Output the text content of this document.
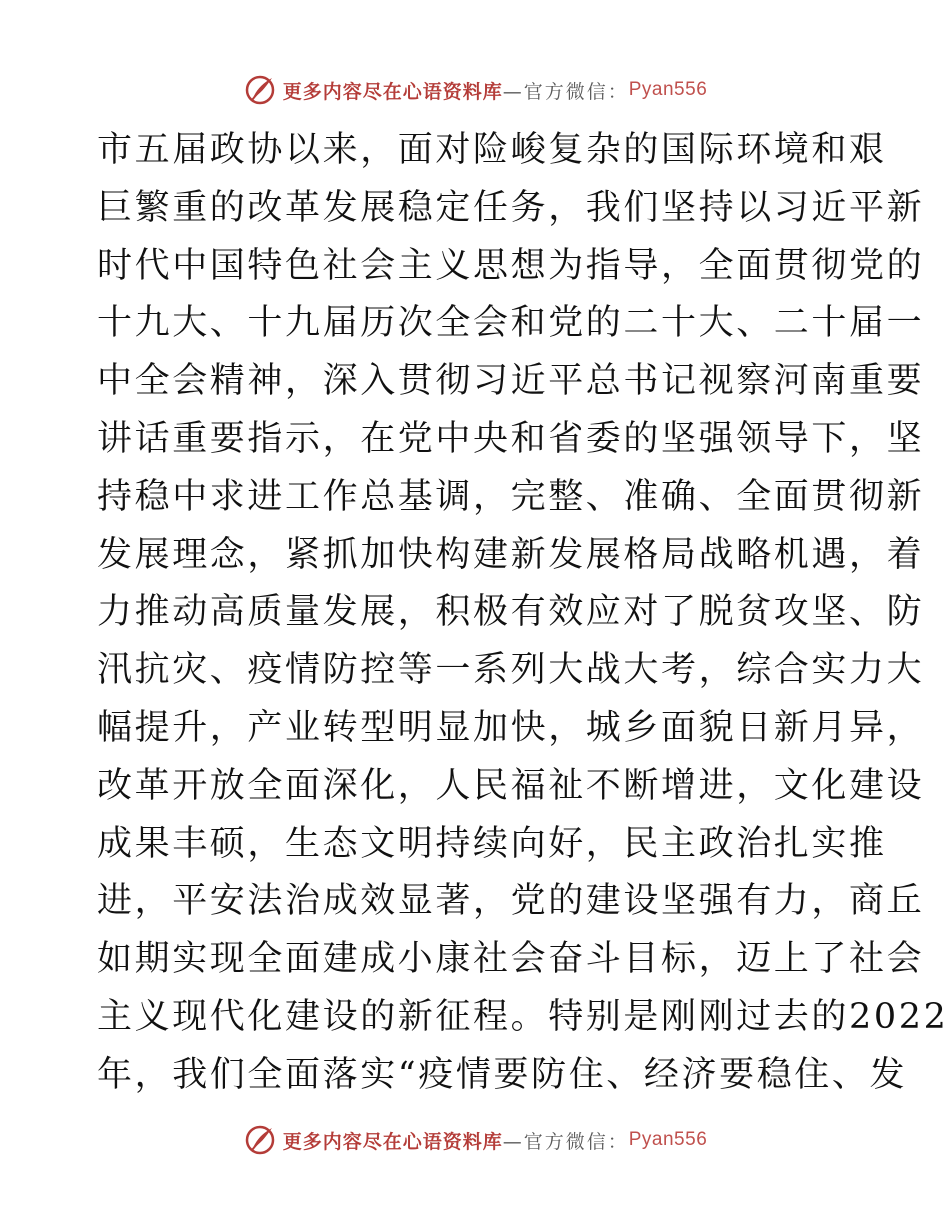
更多内容尽在心语资料库 —官方微信： Pyan556
市五届政协以来，面对险峻复杂的国际环境和艰
巨繁重的改革发展稳定任务，我们坚持以习近平新
时代中国特色社会主义思想为指导，全面贯彻党的
十九大、十九届历次全会和党的二十大、二十届一
中全会精神，深入贯彻习近平总书记视察河南重要
讲话重要指示，在党中央和省委的坚强领导下，坚
持稳中求进工作总基调，完整、准确、全面贯彻新
发展理念，紧抓加快构建新发展格局战略机遇，着
力推动高质量发展，积极有效应对了脱贫攻坚、防
汛抗灾、疫情防控等一系列大战大考，综合实力大
幅提升，产业转型明显加快，城乡面貌日新月异，
改革开放全面深化，人民福祉不断增进，文化建设
成果丰硕，生态文明持续向好，民主政治扎实推
进，平安法治成效显著，党的建设坚强有力，商丘
如期实现全面建成小康社会奋斗目标，迈上了社会
主义现代化建设的新征程。特别是刚刚过去的2022
年，我们全面落实“疫情要防住、经济要稳住、发
更多内容尽在心语资料库 —官方微信： Pyan556
